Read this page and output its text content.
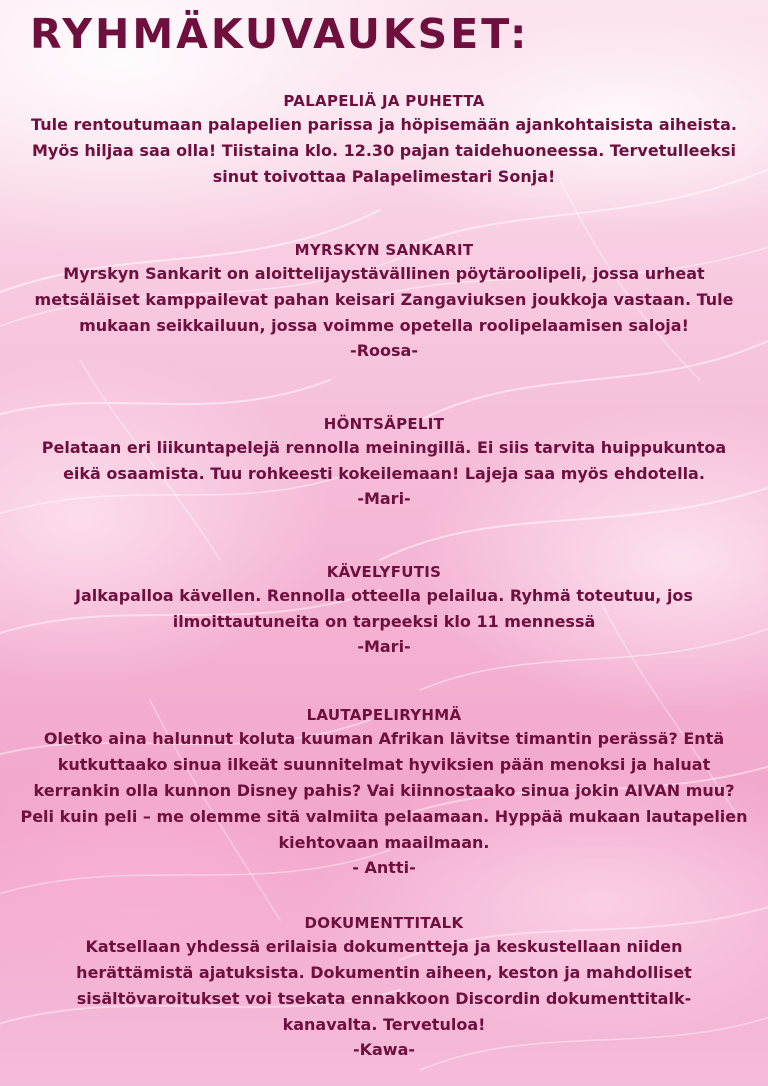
RYHMÄKUVAUKSET:

PALAPELIÄ JA PUHETTA

Tule rentoutumaan palapelien parissa ja höpisemään ajankohtaisista aiheista.

Myös hiljaa saa olla! Tiistaina klo. 12.30 pajan taidehuoneessa. Tervetulleeksi

sinut toivottaa Palapelimestari Sonja!

MYRSKYN SANKARIT

Myrskyn Sankarit on aloittelijaystävällinen pöytäroolipeli, jossa urheat

metsäläiset kamppailevat pahan keisari Zangaviuksen joukkoja vastaan. Tule

mukaan seikkailuun, jossa voimme opetella roolipelaamisen saloja!

-Roosa-

HÖNTSÄPELIT

Pelataan eri liikuntapelejä rennolla meiningillä. Ei siis tarvita huippukuntoa

eikä osaamista. Tuu rohkeesti kokeilemaan! Lajeja saa myös ehdotella.

-Mari-

KÄVELYFUTIS

Jalkapalloa kävellen. Rennolla otteella pelailua. Ryhmä toteutuu, jos

ilmoittautuneita on tarpeeksi klo 11 mennessä

-Mari-

LAUTAPELIRYHMÄ

Oletko aina halunnut koluta kuuman Afrikan lävitse timantin perässä? Entä

kutkuttaako sinua ilkeät suunnitelmat hyviksien pään menoksi ja haluat

kerrankin olla kunnon Disney pahis? Vai kiinnostaako sinua jokin AIVAN muu?

Peli kuin peli – me olemme sitä valmiita pelaamaan. Hyppää mukaan lautapelien

kiehtovaan maailmaan.

- Antti-

DOKUMENTTITALK

Katsellaan yhdessä erilaisia dokumentteja ja keskustellaan niiden

herättämistä ajatuksista. Dokumentin aiheen, keston ja mahdolliset

sisältövaroitukset voi tsekata ennakkoon Discordin dokumenttitalk-

kanavalta. Tervetuloa!

-Kawa-
